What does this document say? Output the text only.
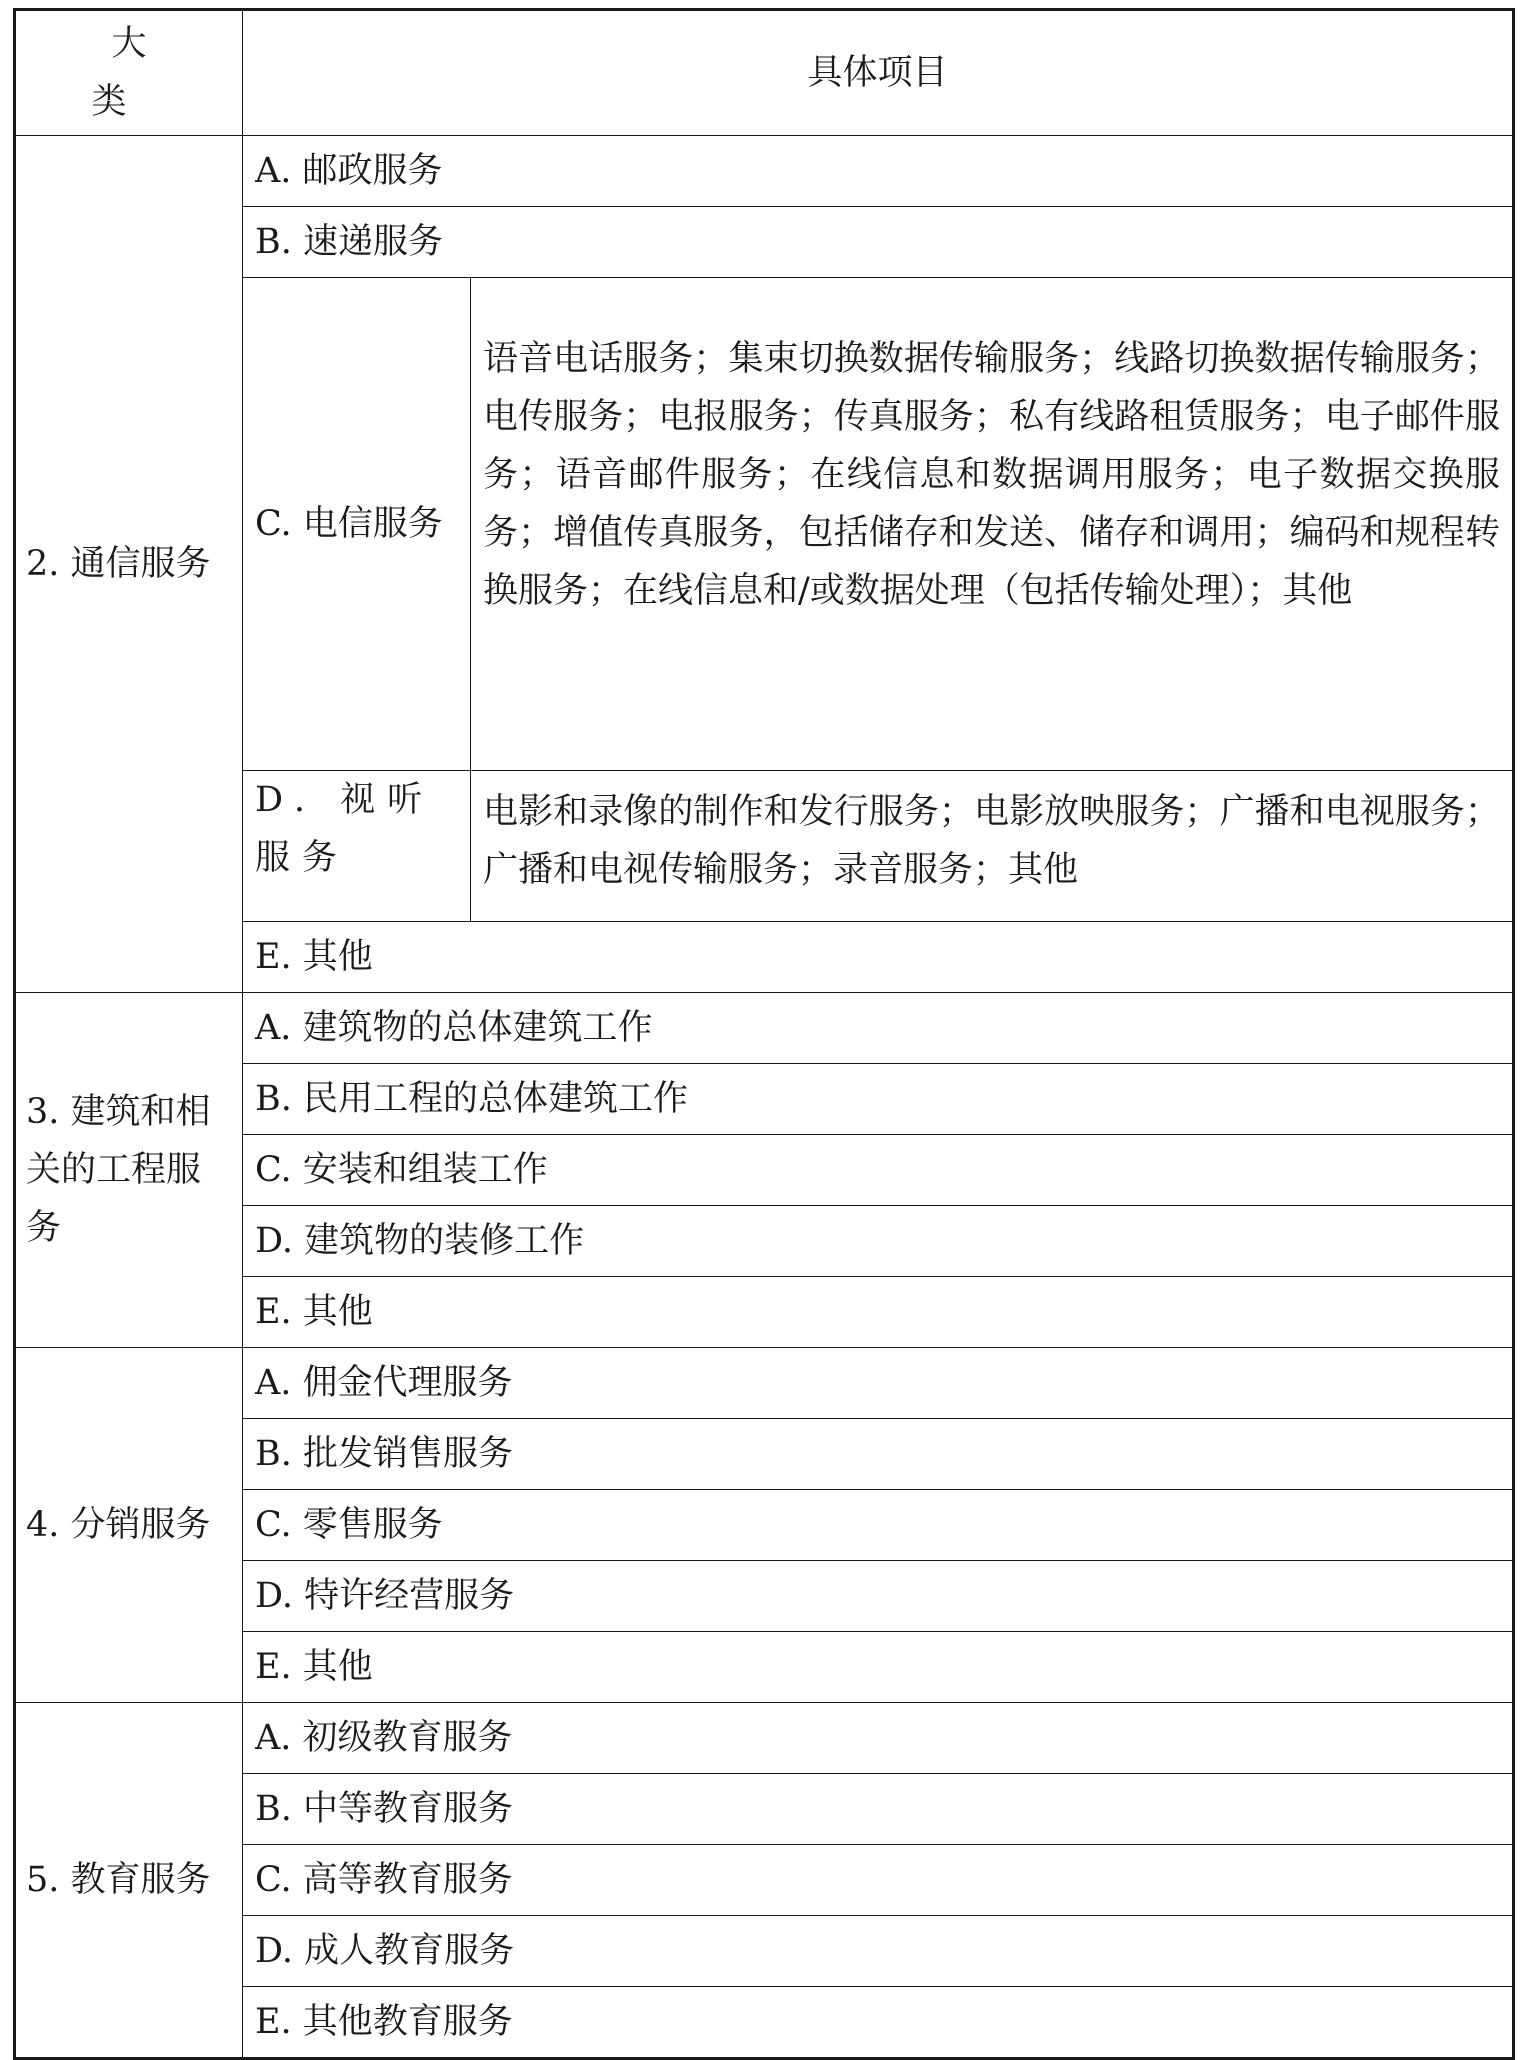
大 类	具体项目	
2. 通信服务	A. 邮政服务	
	B. 速递服务	
	C. 电信服务	语音电话服务；集束切换数据传输服务；线路切换数据传输服务；电传服务；电报服务；传真服务；私有线路租赁服务；电子邮件服务；语音邮件服务；在线信息和数据调用服务；电子数据交换服务；增值传真服务，包括储存和发送、储存和调用；编码和规程转换服务；在线信息和/或数据处理（包括传输处理）；其他
	D. 视听服务	电影和录像的制作和发行服务；电影放映服务；广播和电视服务；广播和电视传输服务；录音服务；其他
	E. 其他	
3. 建筑和相关的工程服务	A. 建筑物的总体建筑工作	
	B. 民用工程的总体建筑工作	
	C. 安装和组装工作	
	D. 建筑物的装修工作	
	E. 其他	
4. 分销服务	A. 佣金代理服务	
	B. 批发销售服务	
	C. 零售服务	
	D. 特许经营服务	
	E. 其他	
5. 教育服务	A. 初级教育服务	
	B. 中等教育服务	
	C. 高等教育服务	
	D. 成人教育服务	
	E. 其他教育服务	
